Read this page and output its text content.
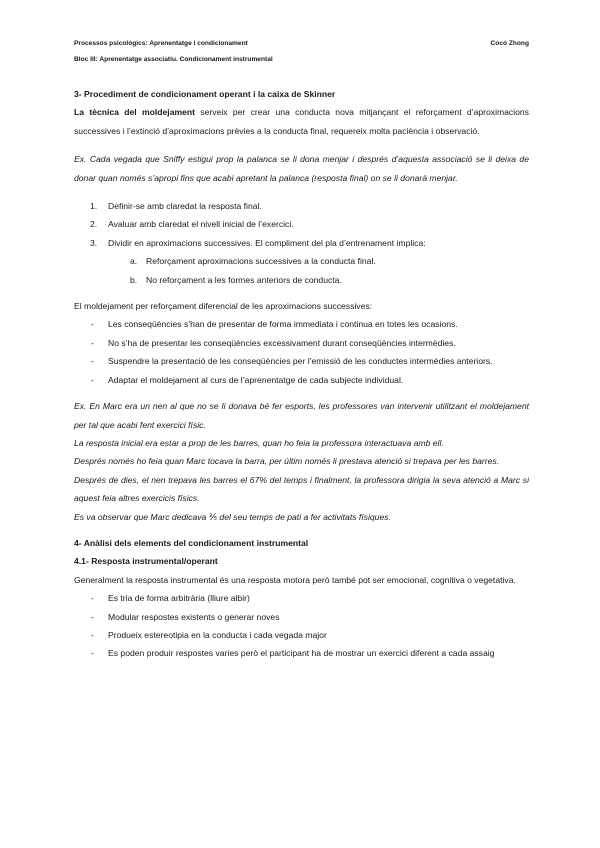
Processos psicològics: Aprenentatge i condicionament	Cocó Zhong
Bloc III: Aprenentatge associatiu. Condicionament instrumental
3- Procediment de condicionament operant i la caixa de Skinner

La tècnica del moldejament serveix per crear una conducta nova mitjançant el reforçament d’aproximacions successives i l’extinció d’aproximacions prèvies a la conducta final, requereix molta paciència i observació.

Ex. Cada vegada que Sniffy estigui prop la palanca se li dona menjar i després d’aquesta associació se li deixa de donar quan només s’apropi fins que acabi apretant la palanca (resposta final) on se li donarà menjar.

1. Definir-se amb claredat la resposta final.
2. Avaluar amb claredat el nivell inicial de l’exercici.
3. Dividir en aproximacions successives. El compliment del pla d’entrenament implica:
a. Reforçament aproximacions successives a la conducta final.
b. No reforçament a les formes anteriors de conducta.

El moldejament per reforçament diferencial de les aproximacions successives:

- Les conseqüències s’han de presentar de forma immediata i continua en totes les ocasions.
- No s’ha de presentar les conseqüències excessivament durant conseqüències intermèdies.
- Suspendre la presentació de les conseqüències per l’emissió de les conductes intermèdies anteriors.
- Adaptar el moldejament al curs de l’aprenentatge de cada subjecte individual.

Ex. En Marc era un nen al que no se li donava bé fer esports, les professores van intervenir utilitzant el moldejament per tal que acabi fent exercici físic.

La resposta inicial era estar a prop de les barres, quan ho feia la professora interactuava amb ell.

Després només ho feia quan Marc tocava la barra, per últim només li prestava atenció si trepava per les barres.

Després de dies, el nen trepava les barres el 67% del temps i finalment, la professora dirigia la seva atenció a Marc si aquest feia altres exercicis físics.

Es va observar que Marc dedicava ⅗ del seu temps de pati a fer activitats físiques.

4- Anàlisi dels elements del condicionament instrumental
4.1- Resposta instrumental/operant

Generalment la resposta instrumental és una resposta motora però també pot ser emocional, cognitiva o vegetativa.

- Es tria de forma arbitrària (lliure albir)
- Modular respostes existents o generar noves
- Produeix estereotipia en la conducta i cada vegada major
- Es poden produir respostes varies però el participant ha de mostrar un exercici diferent a cada assaig
